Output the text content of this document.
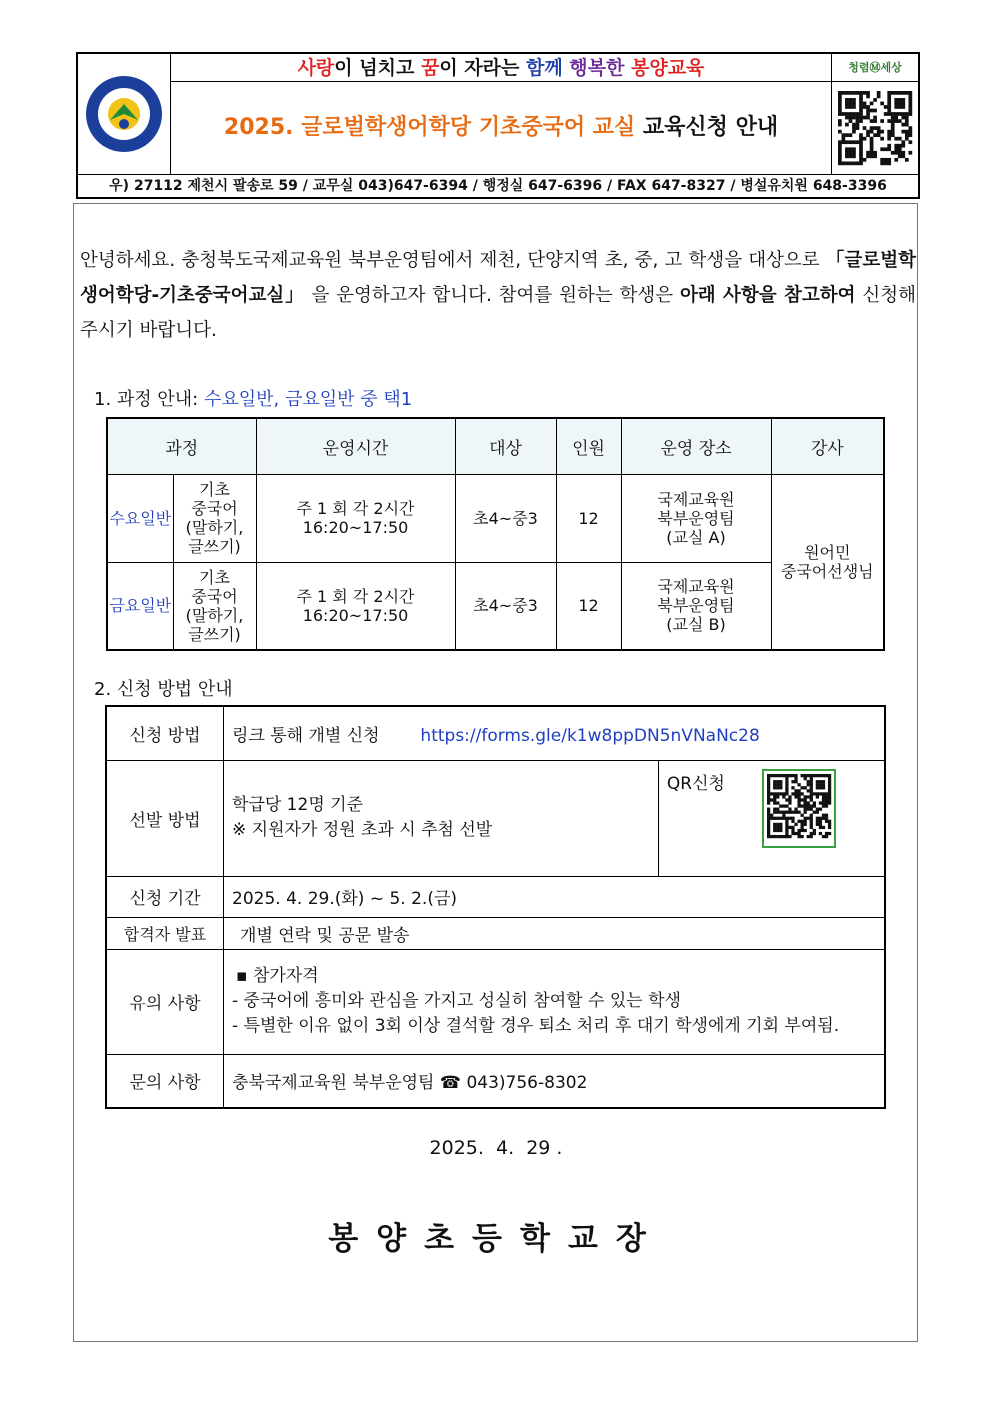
사랑이 넘치고 꿈이 자라는 함께 행복한 봉양교육
2025. 글로벌학생어학당 기초중국어 교실 교육신청 안내
청렴Ⓜ세상
우) 27112 제천시 팔송로 59 / 교무실 043)647-6394 / 행정실 647-6396 / FAX 647-8327 / 병설유치원 648-3396
안녕하세요. 충청북도국제교육원 북부운영팀에서 제천, 단양지역 초, 중, 고 학생을 대상으로 「글로벌학생어학당-기초중국어교실」 을 운영하고자 합니다. 참여를 원하는 학생은 아래 사항을 참고하여 신청해 주시기 바랍니다.
1. 과정 안내: 수요일반, 금요일반 중 택1
과정		운영시간	대상	인원	운영 장소	강사
수요일반	기초
중국어
(말하기,
글쓰기)	주 1 회 각 2시간
16:20~17:50	초4~중3	12	국제교육원
북부운영팀
(교실 A)	원어민
중국어선생님
금요일반	기초
중국어
(말하기,
글쓰기)	주 1 회 각 2시간
16:20~17:50	초4~중3	12	국제교육원
북부운영팀
(교실 B)	
2. 신청 방법 안내
신청 방법	링크 통해 개별 신청 https://forms.gle/k1w8ppDN5nVNaNc28	
선발 방법	학급당 12명 기준
※ 지원자가 정원 초과 시 추첨 선발	QR신청
신청 기간	2025. 4. 29.(화) ~ 5. 2.(금)	
합격자 발표	개별 연락 및 공문 발송	
유의 사항	▪ 참가자격
- 중국어에 흥미와 관심을 가지고 성실히 참여할 수 있는 학생
- 특별한 이유 없이 3회 이상 결석할 경우 퇴소 처리 후 대기 학생에게 기회 부여됨.	

문의 사항	충북국제교육원 북부운영팀 ☎ 043)756-8302	
2025.  4.  29 .
봉양초등학교장
